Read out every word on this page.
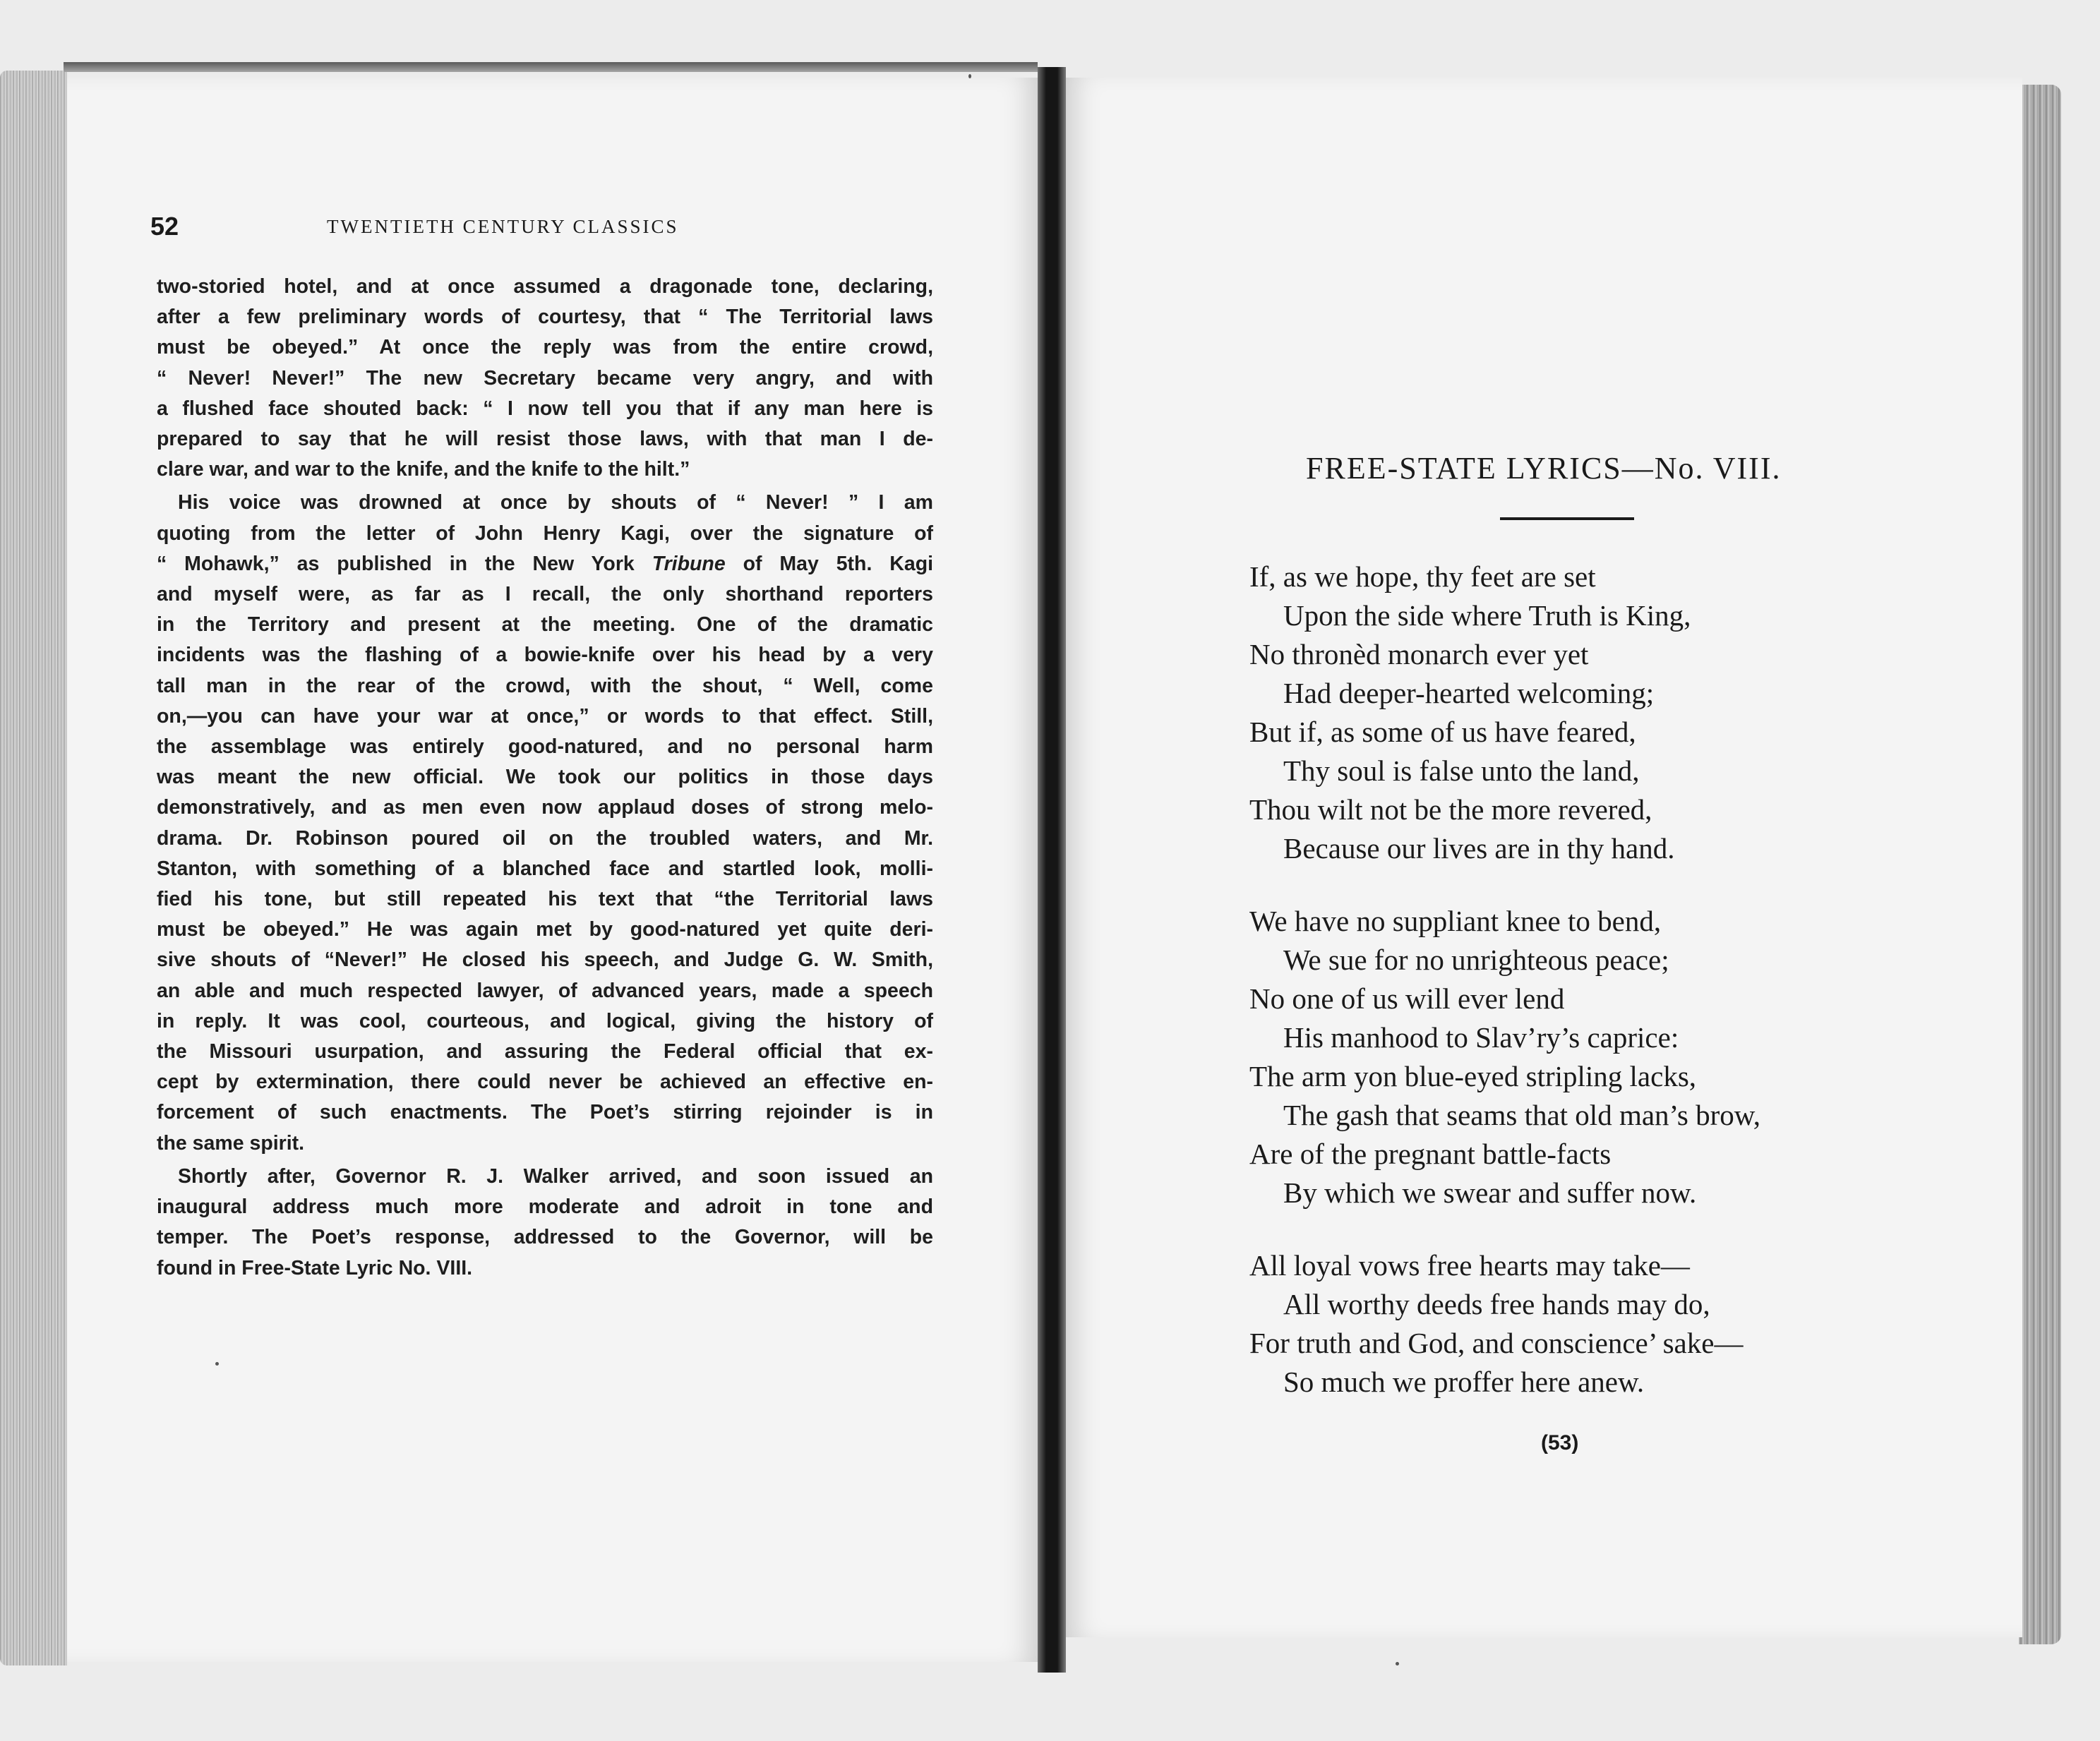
52	TWENTIETH CENTURY CLASSICS
two-storied hotel, and at once assumed a dragonade tone, declaring,
after a few preliminary words of courtesy, that “ The Territorial laws
must be obeyed.” At once the reply was from the entire crowd,
“ Never! Never!” The new Secretary became very angry, and with
a flushed face shouted back: “ I now tell you that if any man here is
prepared to say that he will resist those laws, with that man I de-
clare war, and war to the knife, and the knife to the hilt.”
His voice was drowned at once by shouts of “ Never! ” I am
quoting from the letter of John Henry Kagi, over the signature of
“ Mohawk,” as published in the New York Tribune of May 5th. Kagi
and myself were, as far as I recall, the only shorthand reporters
in the Territory and present at the meeting. One of the dramatic
incidents was the flashing of a bowie-knife over his head by a very
tall man in the rear of the crowd, with the shout, “ Well, come
on,—you can have your war at once,” or words to that effect. Still,
the assemblage was entirely good-natured, and no personal harm
was meant the new official. We took our politics in those days
demonstratively, and as men even now applaud doses of strong melo-
drama. Dr. Robinson poured oil on the troubled waters, and Mr.
Stanton, with something of a blanched face and startled look, molli-
fied his tone, but still repeated his text that “the Territorial laws
must be obeyed.” He was again met by good-natured yet quite deri-
sive shouts of “Never!” He closed his speech, and Judge G. W. Smith,
an able and much respected lawyer, of advanced years, made a speech
in reply. It was cool, courteous, and logical, giving the history of
the Missouri usurpation, and assuring the Federal official that ex-
cept by extermination, there could never be achieved an effective en-
forcement of such enactments. The Poet’s stirring rejoinder is in
the same spirit.
Shortly after, Governor R. J. Walker arrived, and soon issued an
inaugural address much more moderate and adroit in tone and
temper. The Poet’s response, addressed to the Governor, will be
found in Free-State Lyric No. VIII.
FREE-STATE LYRICS—No. VIII.
If, as we hope, thy feet are set
Upon the side where Truth is King,
No thronèd monarch ever yet
Had deeper-hearted welcoming;
But if, as some of us have feared,
Thy soul is false unto the land,
Thou wilt not be the more revered,
Because our lives are in thy hand.
We have no suppliant knee to bend,
We sue for no unrighteous peace;
No one of us will ever lend
His manhood to Slav’ry’s caprice:
The arm yon blue-eyed stripling lacks,
The gash that seams that old man’s brow,
Are of the pregnant battle-facts
By which we swear and suffer now.
All loyal vows free hearts may take—
All worthy deeds free hands may do,
For truth and God, and conscience’ sake—
So much we proffer here anew.
(53)
